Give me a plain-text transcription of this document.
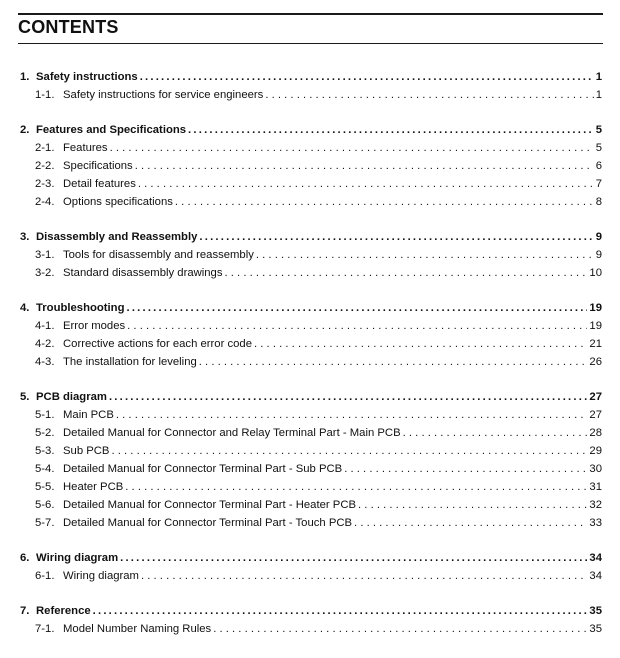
CONTENTS
1. Safety instructions .....	1
1-1. Safety instructions for service engineers . . .	1
2. Features and Specifications .....	5
2-1. Features . . .	5
2-2. Specifications . . .	6
2-3. Detail features . . .	7
2-4. Options specifications . . .	8
3. Disassembly and Reassembly .....	9
3-1. Tools for disassembly and reassembly . . .	9
3-2. Standard disassembly drawings . . .	10
4. Troubleshooting .....	19
4-1. Error modes . . .	19
4-2. Corrective actions for each error code . . .	21
4-3. The installation for leveling . . .	26
5. PCB diagram .....	27
5-1. Main PCB . . .	27
5-2. Detailed Manual for Connector and Relay Terminal Part - Main PCB . . .	28
5-3. Sub PCB . . .	29
5-4. Detailed Manual for Connector Terminal Part - Sub PCB . . .	30
5-5. Heater PCB . . .	31
5-6. Detailed Manual for Connector Terminal Part - Heater PCB . . .	32
5-7. Detailed Manual for Connector Terminal Part - Touch PCB . . .	33
6. Wiring diagram .....	34
6-1. Wiring diagram . . .	34
7. Reference .....	35
7-1. Model Number Naming Rules . . .	35
